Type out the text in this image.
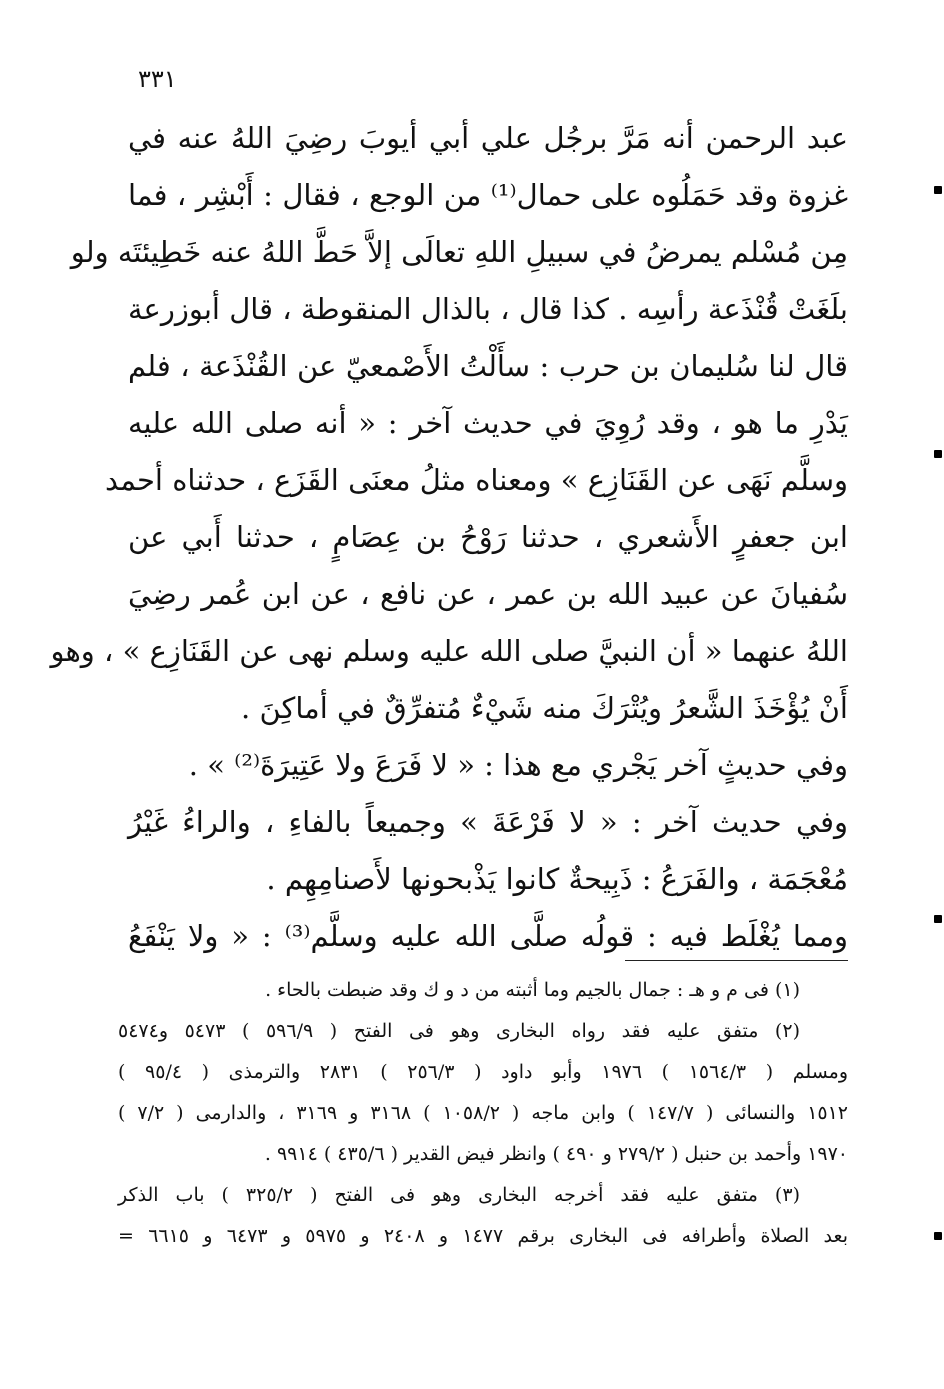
٣٣١
عبد الرحمن أنه مَرَّ برجُل علي أبي أيوبَ رضِيَ اللهُ عنه في
غزوة وقد حَمَلُوه على حمال⁽¹⁾ من الوجع ، فقال : أَبْشِر ، فما
مِن مُسْلم يمرضُ في سبيلِ اللهِ تعالَى إلاَّ حَطَّ اللهُ عنه خَطِيئتَه ولو
بلَغَتْ قُنْذَعة رأسِه . كذا قال ، بالذال المنقوطة ، قال أبوزرعة
قال لنا سُليمان بن حرب : سأَلْتُ الأَصْمعيّ عن القُنْذَعة ، فلم
يَدْرِ ما هو ، وقد رُوِيَ في حديث آخر : « أنه صلى الله عليه
وسلَّم نَهَى عن القَنَازِع » ومعناه مثلُ معنَى القَزَع ، حدثناه أحمد
ابن جعفرٍ الأَشعري ، حدثنا رَوْحُ بن عِصَامٍ ، حدثنا أَبي عن
سُفيانَ عن عبيد الله بن عمر ، عن نافع ، عن ابن عُمر رضِيَ
اللهُ عنهما « أن النبيَّ صلى الله عليه وسلم نهى عن القَنَازِع » ، وهو
أَنْ يُؤْخَذَ الشَّعرُ ويُتْرَكَ منه شَيْءٌ مُتفرِّقٌ في أماكِنَ .
وفي حديثٍ آخر يَجْري مع هذا : « لا فَرَعَ ولا عَتِيرَةَ⁽²⁾ » .
وفي حديث آخر : « لا فَرْعَةَ » وجميعاً بالفاءِ ، والراءُ غَيْرُ
مُعْجَمَة ، والفَرَعُ : ذَبِيحةٌ كانوا يَذْبحونها لأَصنامِهِم .
ومما يُغْلَط فيه : قولُه صلَّى الله عليه وسلَّم⁽³⁾ : « ولا يَنْفَعُ
(١) فى م و هـ : جمال بالجيم وما أثبته من د و ك وقد ضبطت بالحاء .
(٢) متفق عليه فقد رواه البخارى وهو فى الفتح ( ٥٩٦/٩ ) ٥٤٧٣ و٥٤٧٤
ومسلم ( ١٥٦٤/٣ ) ١٩٧٦ وأبو داود ( ٢٥٦/٣ ) ٢٨٣١ والترمذى ( ٩٥/٤ )
١٥١٢ والنسائى ( ١٤٧/٧ ) وابن ماجه ( ١٠٥٨/٢ ) ٣١٦٨ و ٣١٦٩ ، والدارمى ( ٧/٢ )
١٩٧٠ وأحمد بن حنبل ( ٢٧٩/٢ و ٤٩٠ ) وانظر فيض القدير ( ٤٣٥/٦ ) ٩٩١٤ .
(٣) متفق عليه فقد أخرجه البخارى وهو فى الفتح ( ٣٢٥/٢ ) باب الذكر
بعد الصلاة وأطرافه فى البخارى برقم ١٤٧٧ و ٢٤٠٨ و ٥٩٧٥ و ٦٤٧٣ و ٦٦١٥ =
